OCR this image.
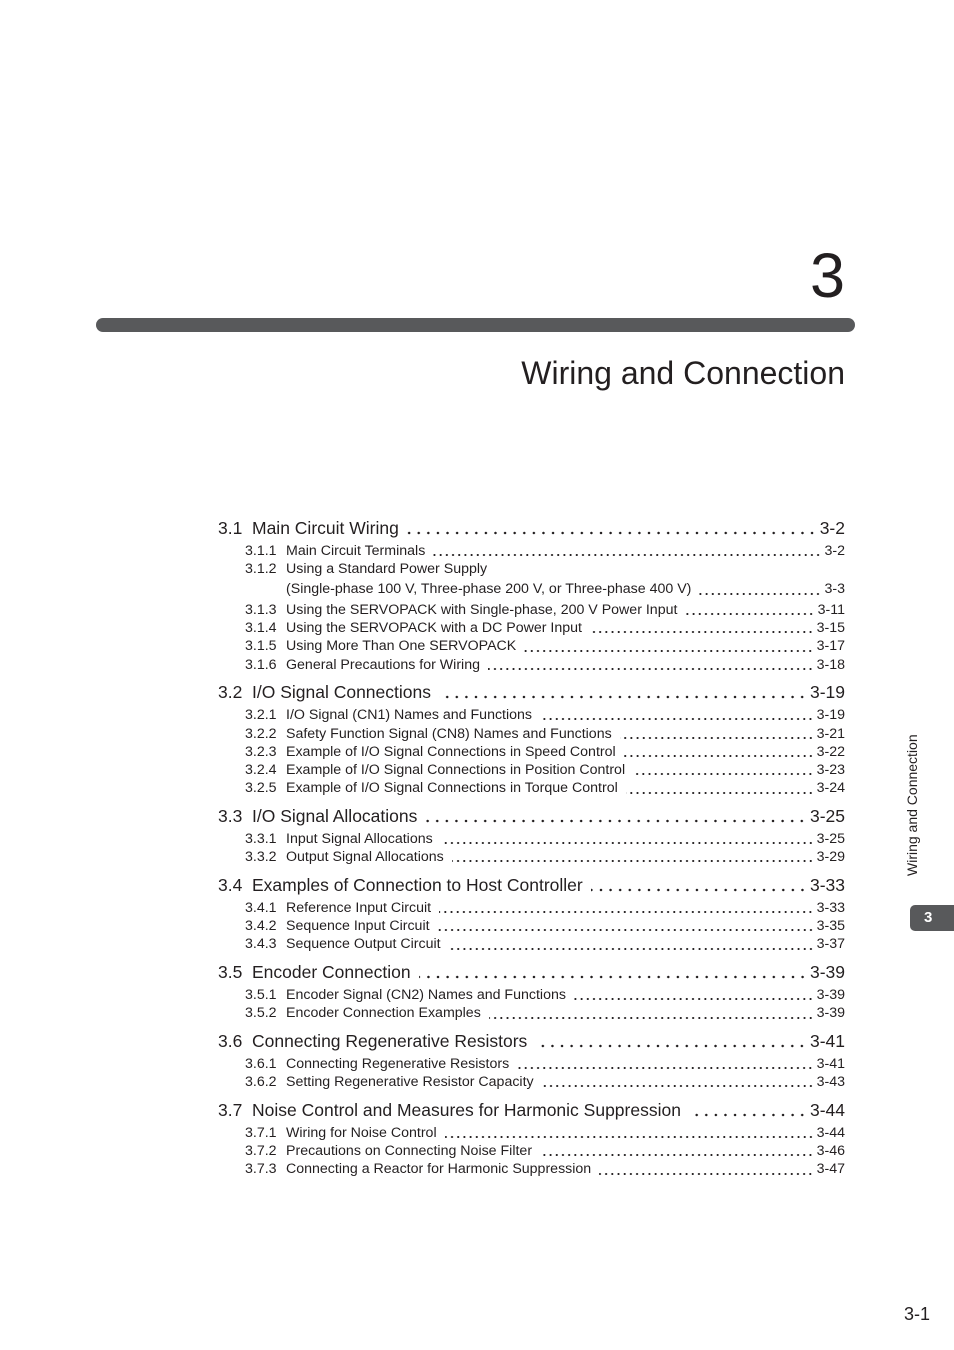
3
Wiring and Connection
3.1 Main Circuit Wiring	3-2
3.1.1 Main Circuit Terminals	3-2
3.1.2 Using a Standard Power Supply
(Single-phase 100 V, Three-phase 200 V, or Three-phase 400 V)	3-3
3.1.3 Using the SERVOPACK with Single-phase, 200 V Power Input	3-11
3.1.4 Using the SERVOPACK with a DC Power Input	3-15
3.1.5 Using More Than One SERVOPACK	3-17
3.1.6 General Precautions for Wiring	3-18
3.2 I/O Signal Connections	3-19
3.2.1 I/O Signal (CN1) Names and Functions	3-19
3.2.2 Safety Function Signal (CN8) Names and Functions	3-21
3.2.3 Example of I/O Signal Connections in Speed Control	3-22
3.2.4 Example of I/O Signal Connections in Position Control	3-23
3.2.5 Example of I/O Signal Connections in Torque Control	3-24
3.3 I/O Signal Allocations	3-25
3.3.1 Input Signal Allocations	3-25
3.3.2 Output Signal Allocations	3-29
3.4 Examples of Connection to Host Controller	3-33
3.4.1 Reference Input Circuit	3-33
3.4.2 Sequence Input Circuit	3-35
3.4.3 Sequence Output Circuit	3-37
3.5 Encoder Connection	3-39
3.5.1 Encoder Signal (CN2) Names and Functions	3-39
3.5.2 Encoder Connection Examples	3-39
3.6 Connecting Regenerative Resistors	3-41
3.6.1 Connecting Regenerative Resistors	3-41
3.6.2 Setting Regenerative Resistor Capacity	3-43
3.7 Noise Control and Measures for Harmonic Suppression	3-44
3.7.1 Wiring for Noise Control	3-44
3.7.2 Precautions on Connecting Noise Filter	3-46
3.7.3 Connecting a Reactor for Harmonic Suppression	3-47
Wiring and Connection
3
3-1
